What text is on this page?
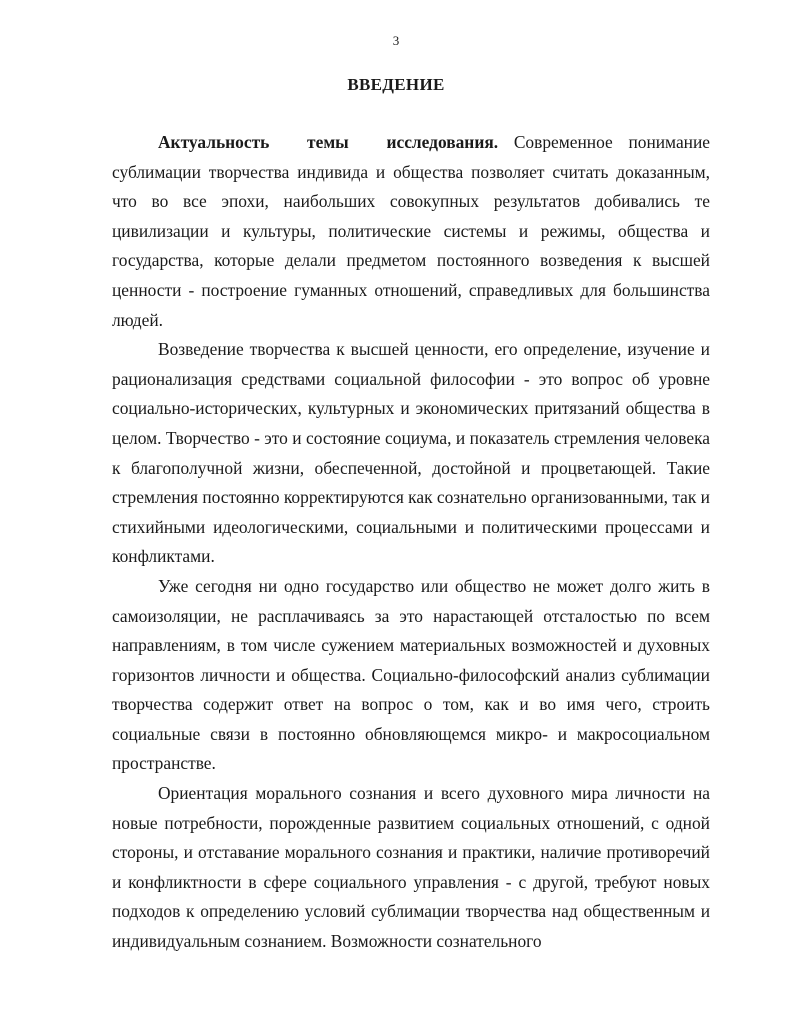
3
ВВЕДЕНИЕ

Актуальность темы исследования. Современное понимание сублимации творчества индивида и общества позволяет считать доказанным, что во все эпохи, наибольших совокупных результатов добивались те цивилизации и культуры, политические системы и режимы, общества и государства, которые делали предметом постоянного возведения к высшей ценности - построение гуманных отношений, справедливых для большинства людей.

Возведение творчества к высшей ценности, его определение, изучение и рационализация средствами социальной философии - это вопрос об уровне социально-исторических, культурных и экономических притязаний общества в целом. Творчество - это и состояние социума, и показатель стремления человека к благополучной жизни, обеспеченной, достойной и процветающей. Такие стремления постоянно корректируются как сознательно организованными, так и стихийными идеологическими, социальными и политическими процессами и конфликтами.

Уже сегодня ни одно государство или общество не может долго жить в самоизоляции, не расплачиваясь за это нарастающей отсталостью по всем направлениям, в том числе сужением материальных возможностей и духовных горизонтов личности и общества. Социально-философский анализ сублимации творчества содержит ответ на вопрос о том, как и во имя чего, строить социальные связи в постоянно обновляющемся микро- и макросоциальном пространстве.

Ориентация морального сознания и всего духовного мира личности на новые потребности, порожденные развитием социальных отношений, с одной стороны, и отставание морального сознания и практики, наличие противоречий и конфликтности в сфере социального управления - с другой, требуют новых подходов к определению условий сублимации творчества над общественным и индивидуальным сознанием. Возможности сознательного
